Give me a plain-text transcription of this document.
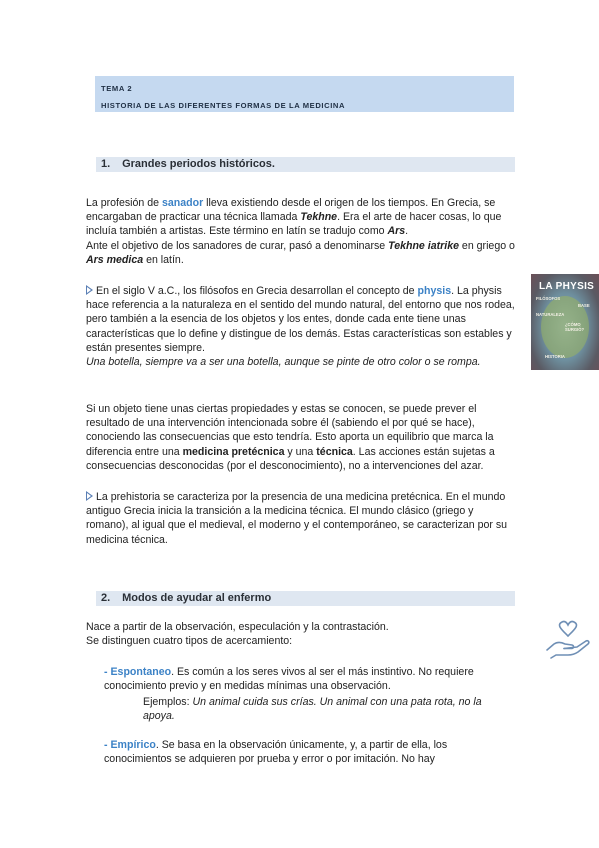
TEMA 2
HISTORIA DE LAS DIFERENTES FORMAS DE LA MEDICINA
1. Grandes periodos históricos.

La profesión de sanador lleva existiendo desde el origen de los tiempos. En Grecia, se encargaban de practicar una técnica llamada Tekhne. Era el arte de hacer cosas, lo que incluía también a artistas. Este término en latín se tradujo como Ars.

Ante el objetivo de los sanadores de curar, pasó a denominarse Tekhne iatrike en griego o Ars medica en latín.

En el siglo V a.C., los filósofos en Grecia desarrollan el concepto de physis. La physis hace referencia a la naturaleza en el sentido del mundo natural, del entorno que nos rodea, pero también a la esencia de los objetos y los entes, donde cada ente tiene unas características que lo define y distingue de los demás. Estas características son estables y están presentes siempre.

Una botella, siempre va a ser una botella, aunque se pinte de otro color o se rompa.

LA PHYSIS
FILÓSOFOS
BASE
NATURALEZA
¿CÓMO SURGIÓ?
HISTORIA

Si un objeto tiene unas ciertas propiedades y estas se conocen, se puede prever el resultado de una intervención intencionada sobre él (sabiendo el por qué se hace), conociendo las consecuencias que esto tendría. Esto aporta un equilibrio que marca la diferencia entre una medicina pretécnica y una técnica. Las acciones están sujetas a consecuencias desconocidas (por el desconocimiento), no a intervenciones del azar.

La prehistoria se caracteriza por la presencia de una medicina pretécnica. En el mundo antiguo Grecia inicia la transición a la medicina técnica. El mundo clásico (griego y romano), al igual que el medieval, el moderno y el contemporáneo, se caracterizan por su medicina técnica.

2. Modos de ayudar al enfermo

Nace a partir de la observación, especulación y la contrastación.

Se distinguen cuatro tipos de acercamiento:

- Espontaneo. Es común a los seres vivos al ser el más instintivo. No requiere conocimiento previo y en medidas mínimas una observación.

Ejemplos: Un animal cuida sus crías. Un animal con una pata rota, no la apoya.

- Empírico. Se basa en la observación únicamente, y, a partir de ella, los conocimientos se adquieren por prueba y error o por imitación. No hay
